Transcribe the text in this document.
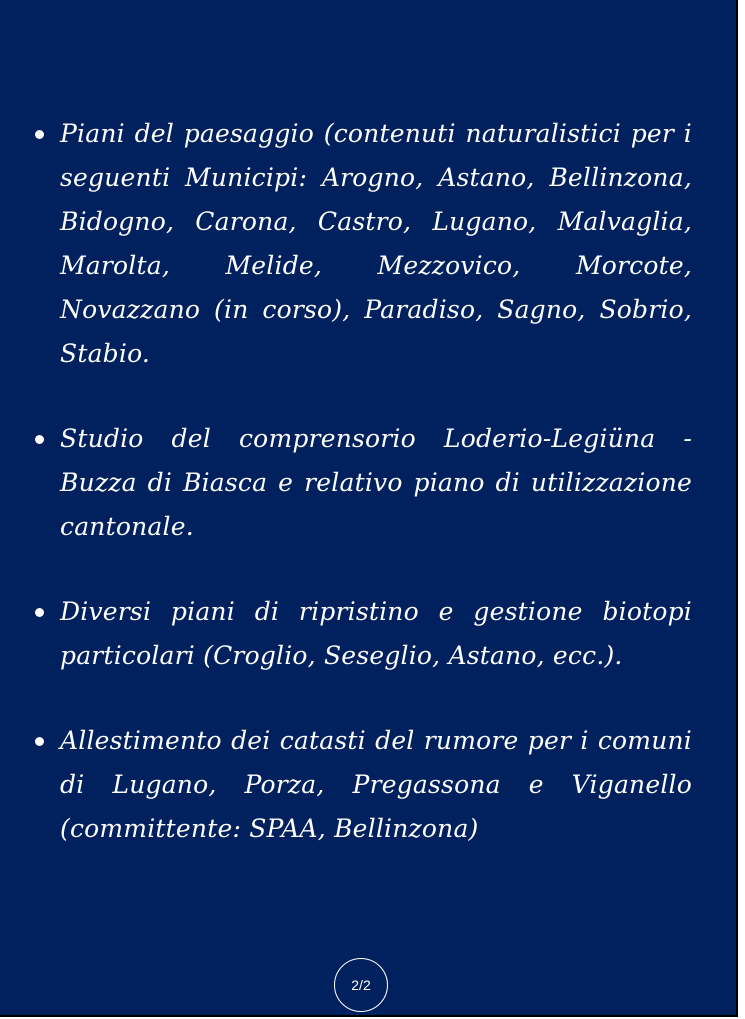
Piani del paesaggio (contenuti naturalistici per i seguenti Municipi: Arogno, Astano, Bellinzona, Bidogno, Carona, Castro, Lugano, Malvaglia, Marolta, Melide, Mezzovico, Morcote, Novazzano (in corso), Paradiso, Sagno, Sobrio, Stabio.
Studio del comprensorio Loderio-Legiüna - Buzza di Biasca e relativo piano di utilizzazione cantonale.
Diversi piani di ripristino e gestione biotopi particolari (Croglio, Seseglio, Astano, ecc.).
Allestimento dei catasti del rumore per i comuni di Lugano, Porza, Pregassona e Viganello (committente: SPAA, Bellinzona)
2/2
